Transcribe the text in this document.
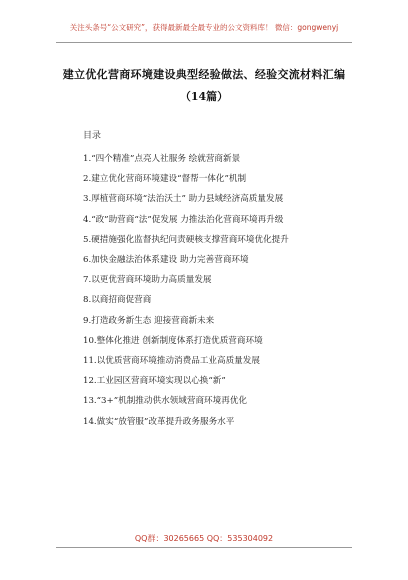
关注头条号“公文研究”，获得最新最全最专业的公文资料库！ 微信：gongwenyj
建立优化营商环境建设典型经验做法、经验交流材料汇编
（14篇）
目录
1.“四个精准”点亮人社服务 绘就营商新景
2.建立优化营商环境建设“督帮一体化”机制
3.厚植营商环境“法治沃土” 助力县域经济高质量发展
4.“政”助营商“法”促发展 力推法治化营商环境再升级
5.硬措施强化监督执纪问责硬核支撑营商环境优化提升
6.加快金融法治体系建设 助力完善营商环境
7.以更优营商环境助力高质量发展
8.以商招商促营商
9.打造政务新生态 迎接营商新未来
10.整体化推进 创新制度体系打造优质营商环境
11.以优质营商环境推动消费品工业高质量发展
12.工业园区营商环境实现以心换“新”
13.“3+”机制推动供水领域营商环境再优化
14.做实“放管服”改革提升政务服务水平
QQ群：30265665 QQ：535304092
